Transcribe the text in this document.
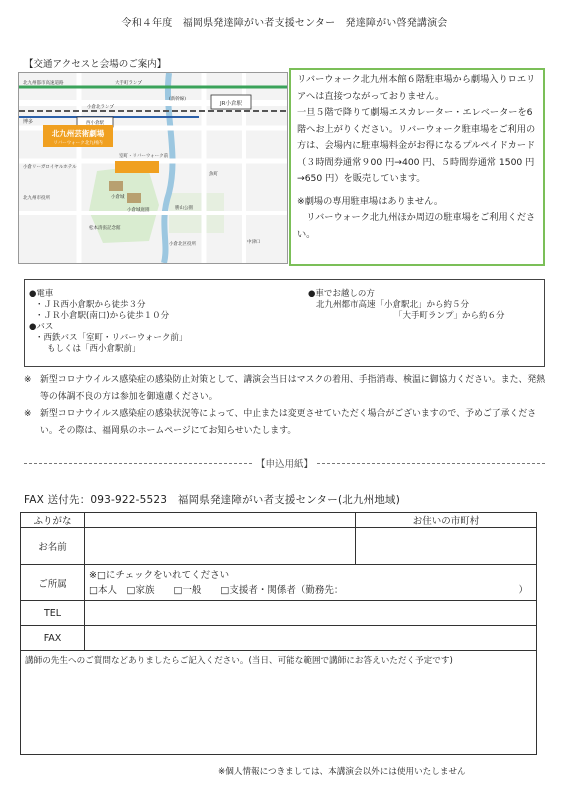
令和４年度　福岡県発達障がい者支援センター　発達障がい啓発講演会
【交通アクセスと会場のご案内】
北九州芸術劇場
リバーウォーク北九州内
北九州都市高速道路	大手町ランプ
小倉北ランプ
(新幹線)
JR小倉駅
博多	西小倉駅
室町・リバーウォーク前
小倉リーガロイヤルホテル
小倉城
小倉城庭園
松本清張記念館
北九州市役所
魚町
勝山公園
中津口
小倉北区役所

リバーウォーク北九州本館６階駐車場から劇場入りロエリアへは直接つながっておりません。

一旦５階で降りて劇場エスカレーター・エレベーターを6階へお上がりください。リバーウォーク駐車場をご利用の方は、会場内に駐車場料金がお得になるプルペイドカード（３時間券通常９00 円→400 円、５時間券通常 1500 円→650 円）を販売しています。

※劇場の専用駐車場はありません。

リバーウォーク北九州ほか周辺の駐車場をご利用ください。

●電車
・ＪＲ西小倉駅から徒歩３分
・ＪＲ小倉駅(南口)から徒歩１０分
●バス
・西鉄バス「室町・リバーウォーク前」
もしくは「西小倉駅前」
●車でお越しの方
北九州都市高速「小倉駅北」から約５分
「大手町ランプ」から約６分
※ 新型コロナウイルス感染症の感染防止対策として、講演会当日はマスクの着用、手指消毒、検温に御協力ください。また、発熱等の体調不良の方は参加を御遠慮ください。
※ 新型コロナウイルス感染症の感染状況等によって、中止または変更させていただく場合がございますので、予めご了承ください。その際は、福岡県のホームページにてお知らせいたします。
【申込用紙】
FAX 送付先：093-922-5523　福岡県発達障がい者支援センター(北九州地域)
ふりがな		お住いの市町村
お名前		
ご所属	※□にチェックをいれてください
□本人　□家族　　□一般　　□支援者・関係者（勤務先： ）	

TEL		
FAX		
講師の先生へのご質問などありましたらご記入ください。(当日、可能な範囲で講師にお答えいただく予定です)		
※個人情報につきましては、本講演会以外には使用いたしません
